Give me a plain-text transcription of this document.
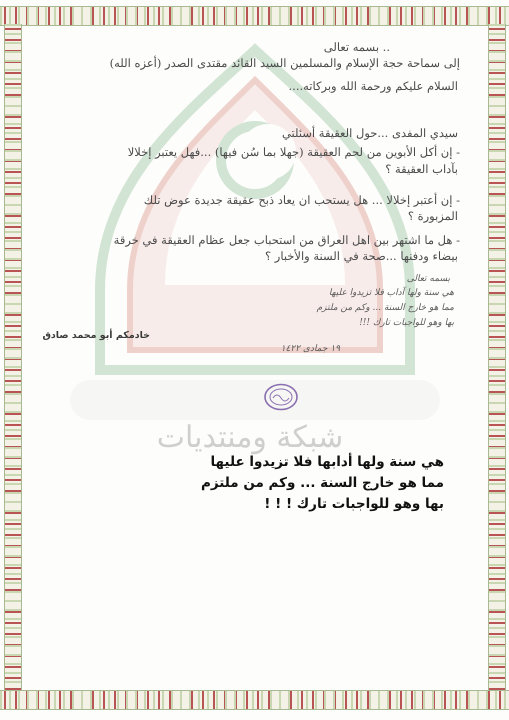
شبكة ومنتديات
.. بسمه تعالى
إلى سماحة حجة الإسلام والمسلمين السيد القائد مقتدى الصدر (أعزه الله)
السلام عليكم ورحمة الله وبركاته....
سيدي المفدى ...حول العقيقة أسئلتي
- إن أكل الأبوين من لحم العقيقة (جهلا بما سُن فيها) ...فهل يعتبر إخلالا
بآداب العقيقة ؟
- إن أعتبر إخلالا ... هل يستحب ان يعاد ذبح عقيقة جديدة عوض تلك
المزبورة ؟
- هل ما اشتهر بين اهل العراق من استحباب جعل عظام العقيقة في خرقة
بيضاء ودفنها ...صحة في السنة والأخبار ؟
خادمكم أبو محمد صادق
بسمه تعالى
هي سنة ولها آداب فلا تزيدوا عليها
مما هو خارج السنة ... وكم من ملتزم
بها وهو للواجبات تارك !!!
١٩ جمادى ١٤٢٢
هي سنة ولها أدابها فلا تزيدوا عليها
مما هو خارج السنة ... وكم من ملتزم
بها وهو للواجبات تارك ! ! !
